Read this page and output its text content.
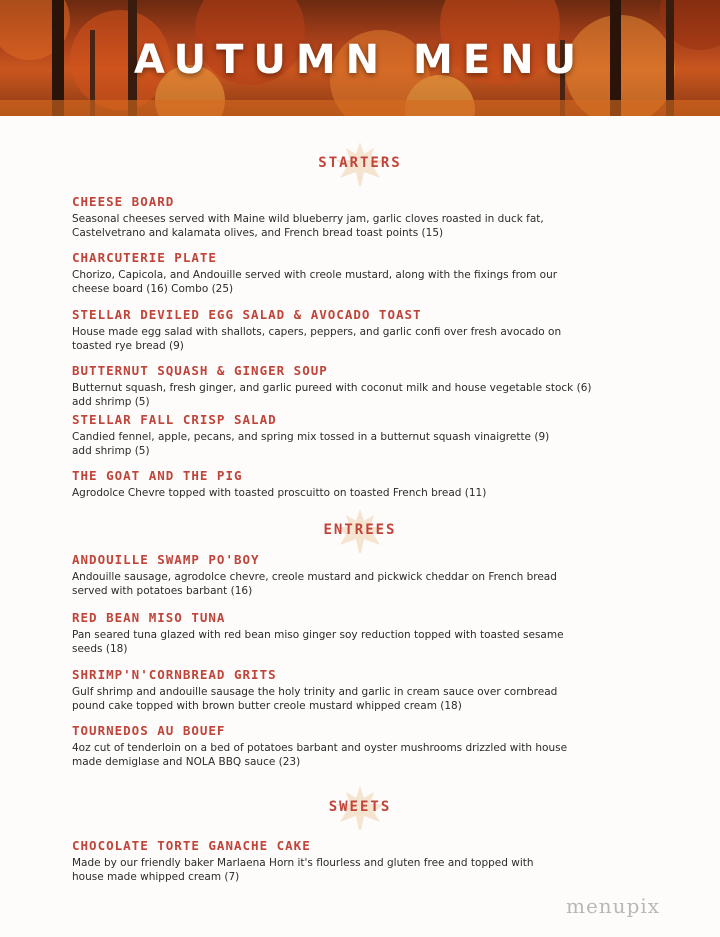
AUTUMN MENU
STARTERS
CHEESE BOARD
Seasonal cheeses served with Maine wild blueberry jam, garlic cloves roasted in duck fat,
Castelvetrano and kalamata olives, and French bread toast points (15)
CHARCUTERIE PLATE
Chorizo, Capicola, and Andouille served with creole mustard, along with the fixings from our
cheese board (16) Combo (25)
STELLAR DEVILED EGG SALAD & AVOCADO TOAST
House made egg salad with shallots, capers, peppers, and garlic confi over fresh avocado on
toasted rye bread (9)
BUTTERNUT SQUASH & GINGER SOUP
Butternut squash, fresh ginger, and garlic pureed with coconut milk and house vegetable stock (6)
add shrimp (5)
STELLAR FALL CRISP SALAD
Candied fennel, apple, pecans, and spring mix tossed in a butternut squash vinaigrette (9)
add shrimp (5)
THE GOAT AND THE PIG
Agrodolce Chevre topped with toasted proscuitto on toasted French bread (11)
ENTREES
ANDOUILLE SWAMP PO'BOY
Andouille sausage, agrodolce chevre, creole mustard and pickwick cheddar on French bread
served with potatoes barbant (16)
RED BEAN MISO TUNA
Pan seared tuna glazed with red bean miso ginger soy reduction topped with toasted sesame
seeds (18)
SHRIMP'N'CORNBREAD GRITS
Gulf shrimp and andouille sausage the holy trinity and garlic in cream sauce over cornbread
pound cake topped with brown butter creole mustard whipped cream (18)
TOURNEDOS AU BOUEF
4oz cut of tenderloin on a bed of potatoes barbant and oyster mushrooms drizzled with house
made demiglase and NOLA BBQ sauce (23)
SWEETS
CHOCOLATE TORTE GANACHE CAKE
Made by our friendly baker Marlaena Horn it's flourless and gluten free and topped with
house made whipped cream (7)
menupix
